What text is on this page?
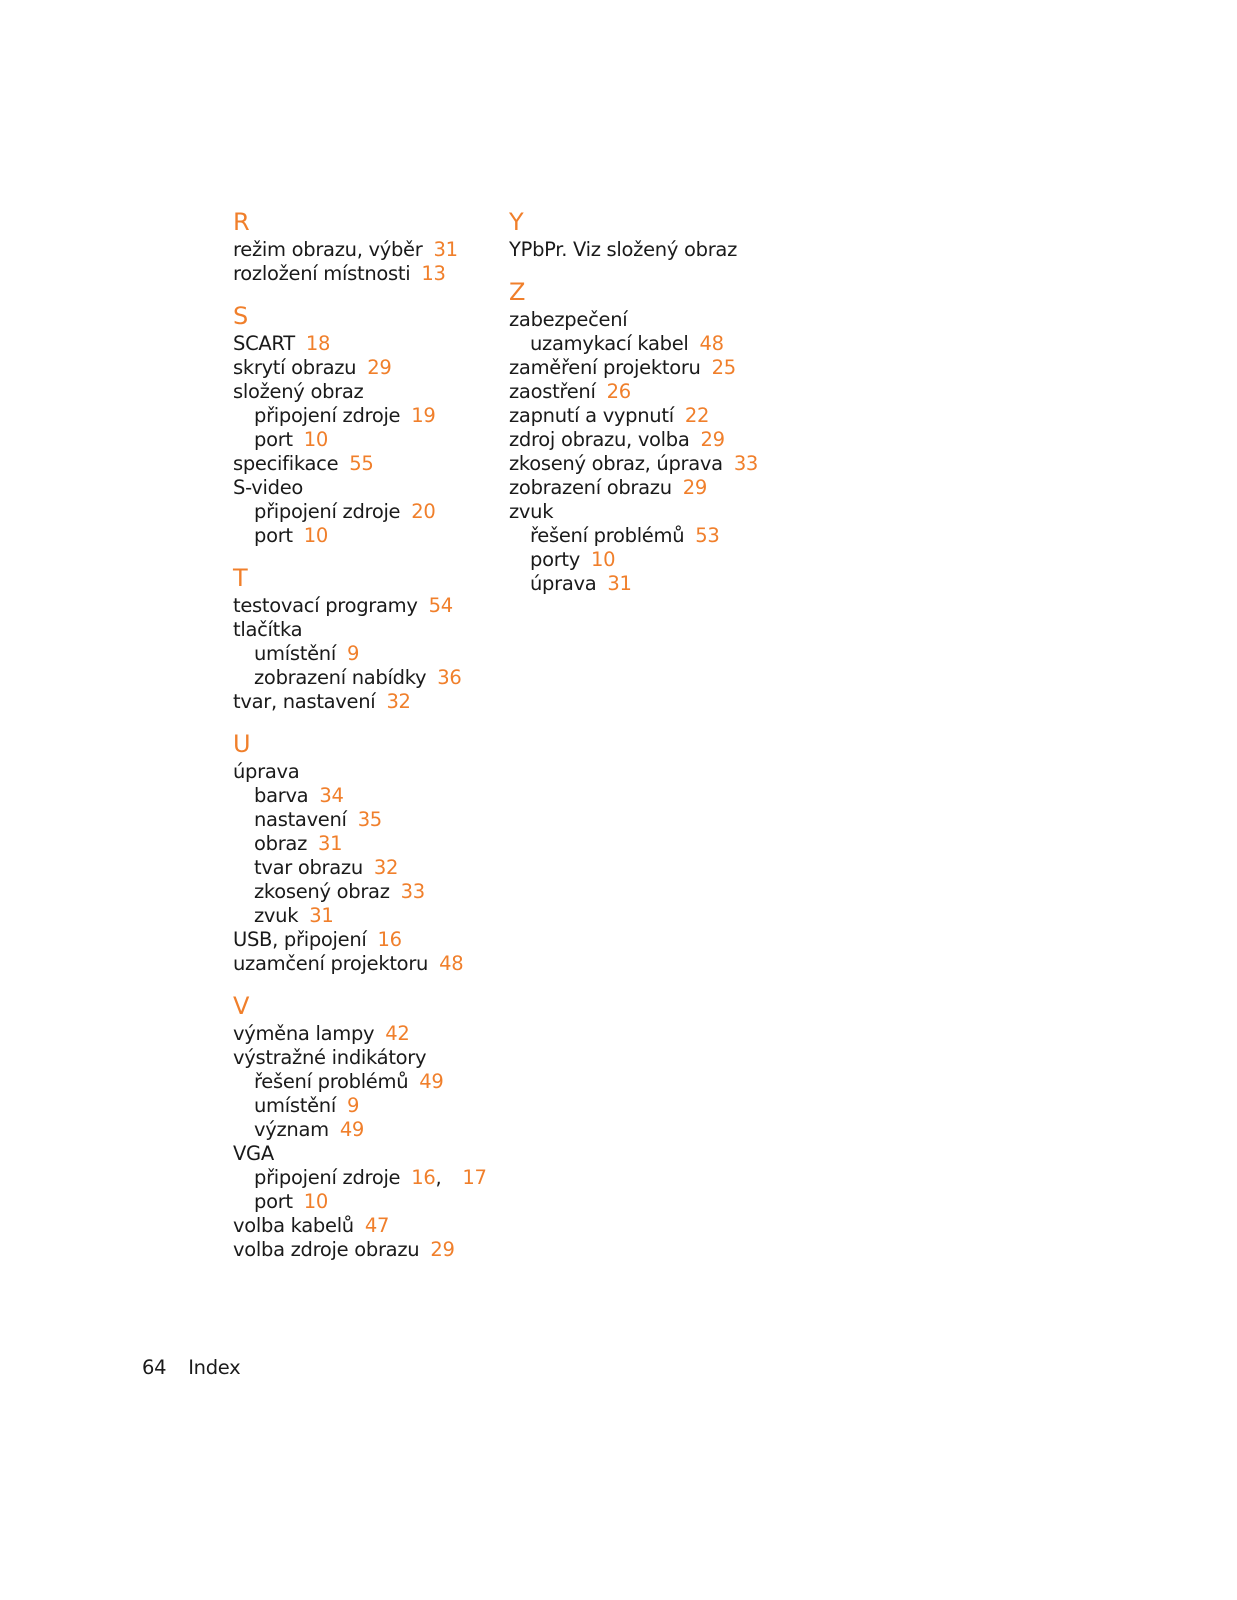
R
režim obrazu, výběr 31
rozložení místnosti 13
S
SCART 18
skrytí obrazu 29
složený obraz
připojení zdroje 19
port 10
specifikace 55
S-video
připojení zdroje 20
port 10
T
testovací programy 54
tlačítka
umístění 9
zobrazení nabídky 36
tvar, nastavení 32
U
úprava
barva 34
nastavení 35
obraz 31
tvar obrazu 32
zkosený obraz 33
zvuk 31
USB, připojení 16
uzamčení projektoru 48
V
výměna lampy 42
výstražné indikátory
řešení problémů 49
umístění 9
význam 49
VGA
připojení zdroje 16, 17
port 10
volba kabelů 47
volba zdroje obrazu 29
Y
YPbPr. Viz složený obraz
Z
zabezpečení
uzamykací kabel 48
zaměření projektoru 25
zaostření 26
zapnutí a vypnutí 22
zdroj obrazu, volba 29
zkosený obraz, úprava 33
zobrazení obrazu 29
zvuk
řešení problémů 53
porty 10
úprava 31
64 Index
